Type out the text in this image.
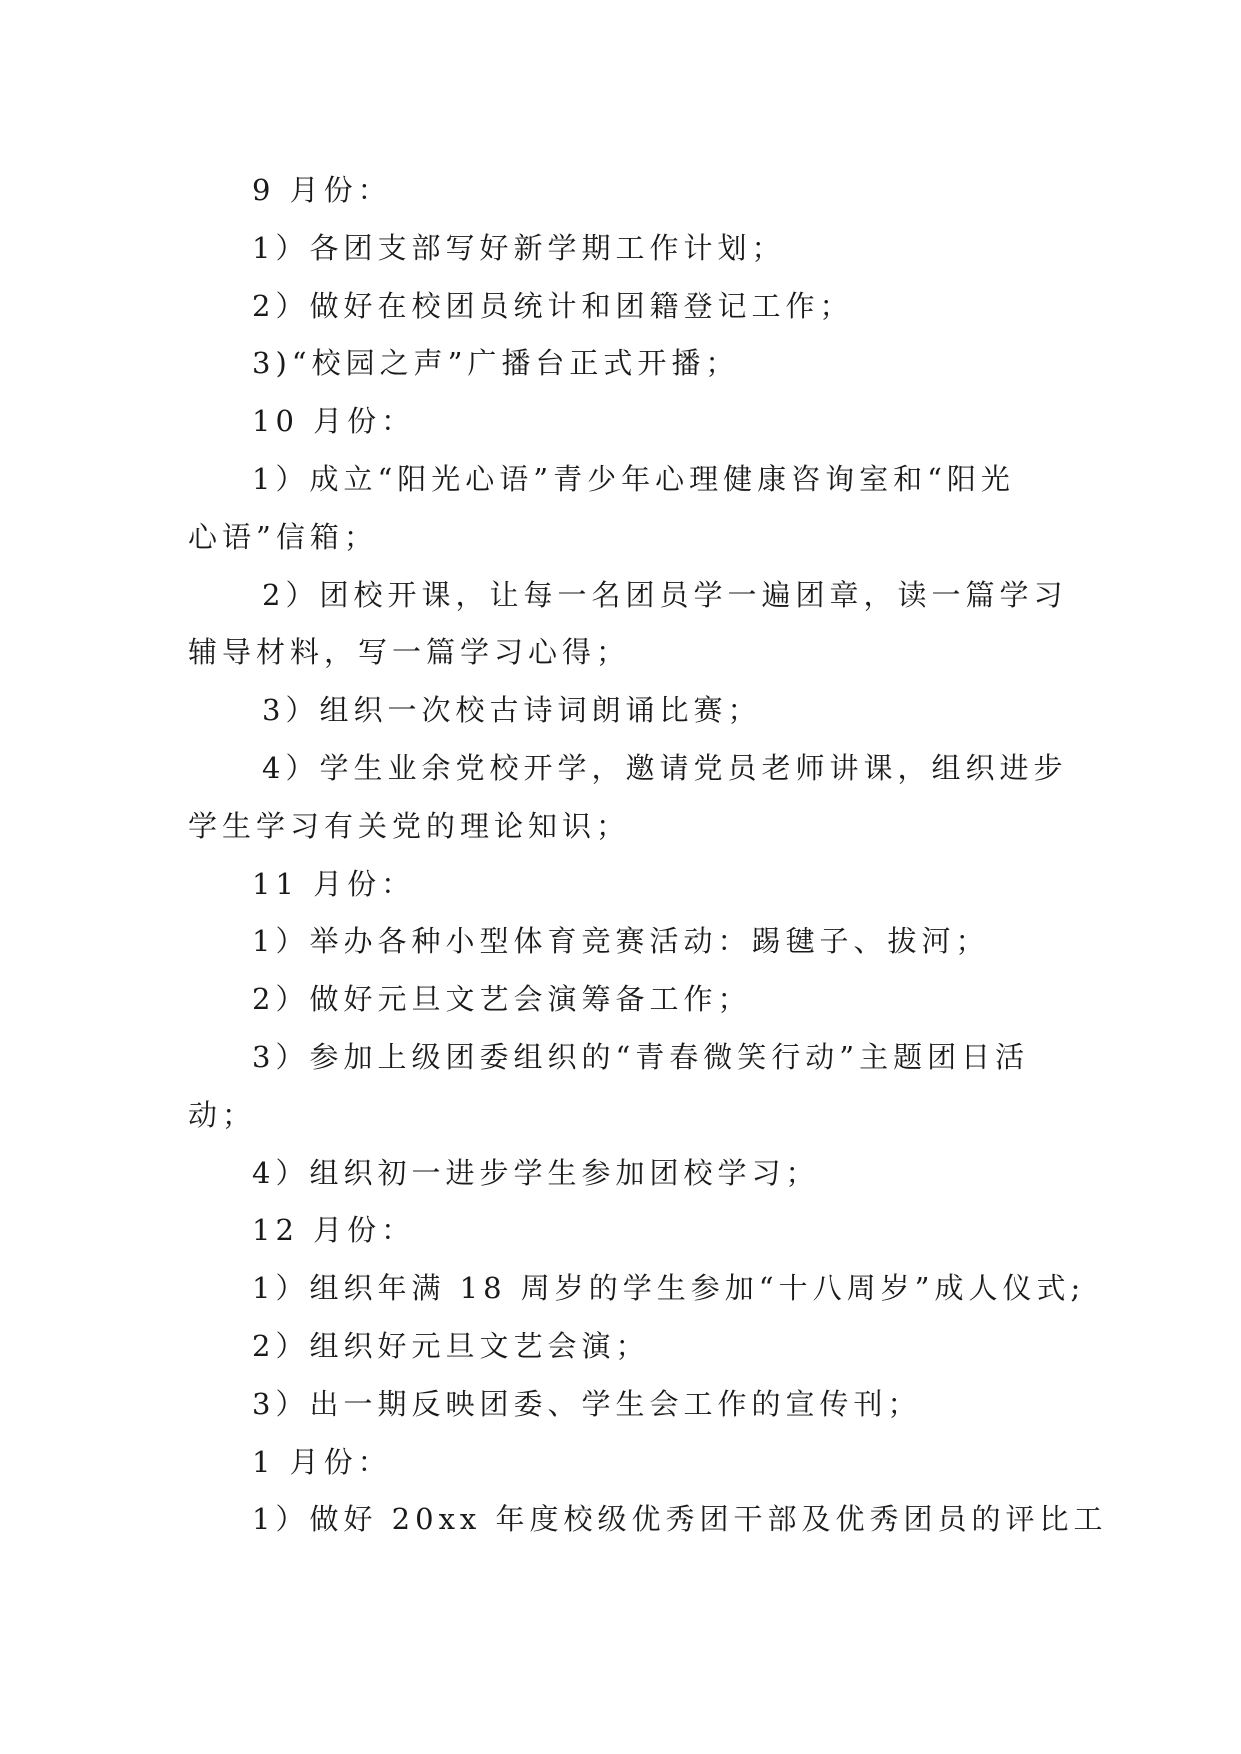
9 月份：
1）各团支部写好新学期工作计划；
2）做好在校团员统计和团籍登记工作；
3)“校园之声”广播台正式开播；
10 月份：
1）成立“阳光心语”青少年心理健康咨询室和“阳光
心语”信箱；
2）团校开课，让每一名团员学一遍团章，读一篇学习
辅导材料，写一篇学习心得；
3）组织一次校古诗词朗诵比赛；
4）学生业余党校开学，邀请党员老师讲课，组织进步
学生学习有关党的理论知识；
11 月份：
1）举办各种小型体育竞赛活动：踢毽子、拔河；
2）做好元旦文艺会演筹备工作；
3）参加上级团委组织的“青春微笑行动”主题团日活
动；
4）组织初一进步学生参加团校学习；
12 月份：
1）组织年满 18 周岁的学生参加“十八周岁”成人仪式;
2）组织好元旦文艺会演；
3）出一期反映团委、学生会工作的宣传刊；
1 月份：
1）做好 20xx 年度校级优秀团干部及优秀团员的评比工
